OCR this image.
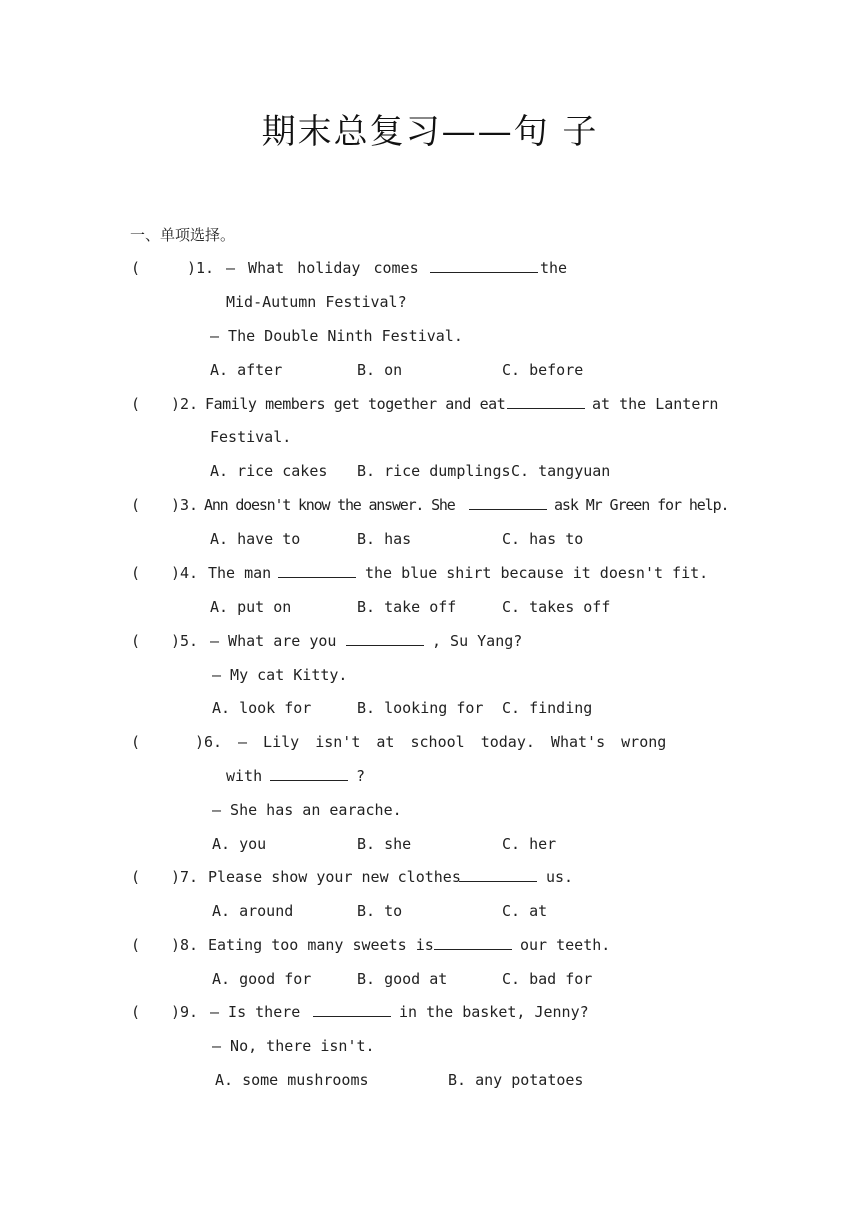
期末总复习——句 子
一、单项选择。
(	)1. — What holiday comes	the
Mid-Autumn Festival?
— The Double Ninth Festival.
A. after	B. on	C. before
( )2. Family members get together and eat	at the Lantern
Festival.
A. rice cakes B. rice dumplings C. tangyuan
( )3. Ann doesn't know the answer. She	ask Mr Green for help.
A. have to	B. has	C. has to
( )4. The man	the blue shirt because it doesn't fit.
A. put on	B. take off	C. takes off
( )5. — What are you	, Su Yang?
— My cat Kitty.
A. look for	B. looking for C. finding
(	)6. — Lily isn't at school today. What's wrong
with	?
— She has an earache.
A. you	B. she	C. her
( )7. Please show your new clothes	us.
A. around	B. to	C. at
( )8. Eating too many sweets is	our teeth.
A. good for	B. good at	C. bad for
( )9. — Is there	in the basket, Jenny?
— No, there isn't.
A. some mushrooms	B. any potatoes
